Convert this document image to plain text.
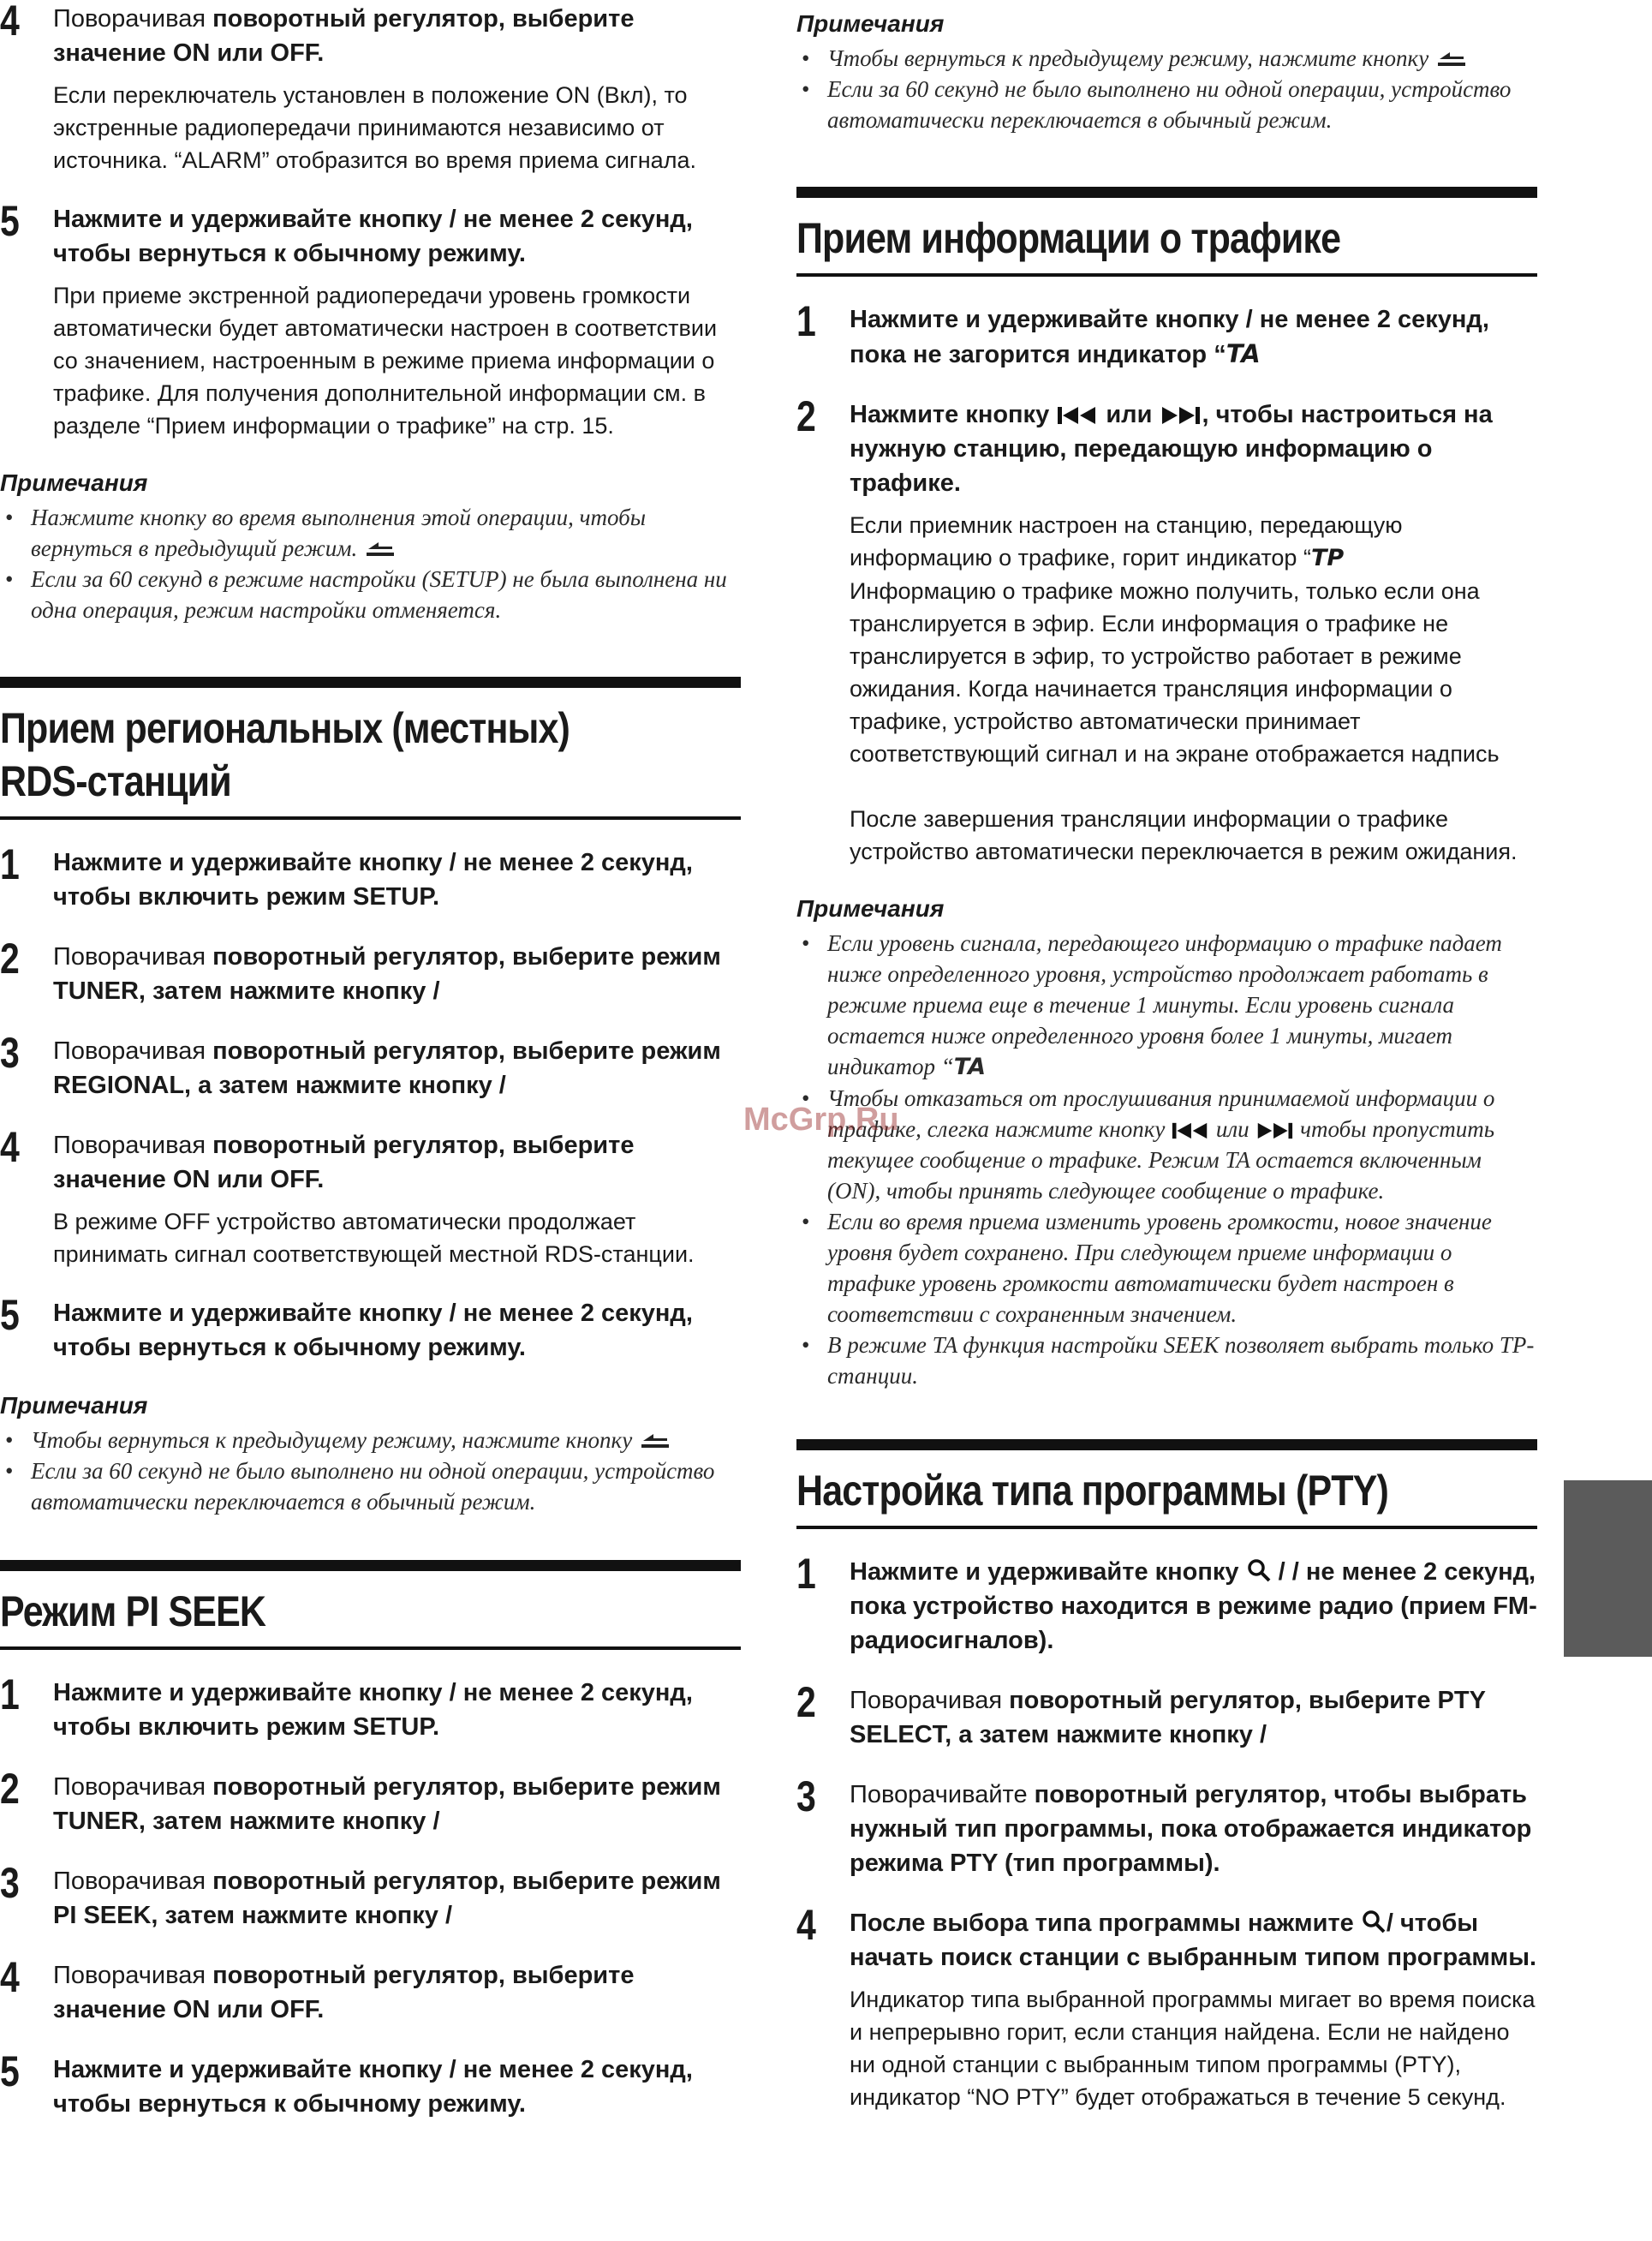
4	Поворачивая поворотный регулятор, выберите значение ON или OFF.

Если переключатель установлен в положение ON (Вкл), то экстренные радиопередачи принимаются независимо от источника. “ALARM” отобразится во время приема сигнала.

5	Нажмите и удерживайте кнопку / не менее 2 секунд, чтобы вернуться к обычному режиму.

При приеме экстренной радиопередачи уровень громкости автоматически будет автоматически настроен в соответствии со значением, настроенным в режиме приема информации о трафике. Для получения дополнительной информации см. в разделе “Прием информации о трафике” на стр. 15.

Примечания

• Нажмите кнопку во время выполнения этой операции, чтобы вернуться в предыдущий режим.
• Если за 60 секунд в режиме настройки (SETUP) не была выполнена ни одна операция, режим настройки отменяется.
Прием региональных (местных)
RDS-станций
1	Нажмите и удерживайте кнопку / не менее 2 секунд, чтобы включить режим SETUP.

2	Поворачивая поворотный регулятор, выберите режим TUNER, затем нажмите кнопку /

3	Поворачивая поворотный регулятор, выберите режим REGIONAL, а затем нажмите кнопку /

4	Поворачивая поворотный регулятор, выберите значение ON или OFF.

В режиме OFF устройство автоматически продолжает принимать сигнал соответствующей местной RDS-станции.

5	Нажмите и удерживайте кнопку / не менее 2 секунд, чтобы вернуться к обычному режиму.

Примечания

• Чтобы вернуться к предыдущему режиму, нажмите кнопку
• Если за 60 секунд не было выполнено ни одной операции, устройство автоматически переключается в обычный режим.
Режим PI SEEK
1	Нажмите и удерживайте кнопку / не менее 2 секунд, чтобы включить режим SETUP.

2	Поворачивая поворотный регулятор, выберите режим TUNER, затем нажмите кнопку /

3	Поворачивая поворотный регулятор, выберите режим PI SEEK, затем нажмите кнопку /

4	Поворачивая поворотный регулятор, выберите значение ON или OFF.

5	Нажмите и удерживайте кнопку / не менее 2 секунд, чтобы вернуться к обычному режиму.

Примечания

• Чтобы вернуться к предыдущему режиму, нажмите кнопку
• Если за 60 секунд не было выполнено ни одной операции, устройство автоматически переключается в обычный режим.
Прием информации о трафике
1	Нажмите и удерживайте кнопку / не менее 2 секунд, пока не загорится индикатор “TA

2	Нажмите кнопку  или , чтобы настроиться на нужную станцию, передающую информацию о трафике.

Если приемник настроен на станцию, передающую информацию о трафике, горит индикатор “TP
Информацию о трафике можно получить, только если она транслируется в эфир. Если информация о трафике не транслируется в эфир, то устройство работает в режиме ожидания. Когда начинается трансляция информации о трафике, устройство автоматически принимает соответствующий сигнал и на экране отображается надпись

После завершения трансляции информации о трафике устройство автоматически переключается в режим ожидания.

Примечания

• Если уровень сигнала, передающего информацию о трафике падает ниже определенного уровня, устройство продолжает работать в режиме приема еще в течение 1 минуты. Если уровень сигнала остается ниже определенного уровня более 1 минуты, мигает индикатор “TA
• Чтобы отказаться от прослушивания принимаемой информации о трафике, слегка нажмите кнопку  или  чтобы пропустить текущее сообщение о трафике. Режим TA остается включенным (ON), чтобы принять следующее сообщение о трафике.
• Если во время приема изменить уровень громкости, новое значение уровня будет сохранено. При следующем приеме информации о трафике уровень громкости автоматически будет настроен в соответствии с сохраненным значением.
• В режиме TA функция настройки SEEK позволяет выбрать только TP-станции.
Настройка типа программы (PTY)
1	Нажмите и удерживайте кнопку  / / не менее 2 секунд, пока устройство находится в режиме радио (прием FM-радиосигналов).

2	Поворачивая поворотный регулятор, выберите PTY SELECT, а затем нажмите кнопку /

3	Поворачивайте поворотный регулятор, чтобы выбрать нужный тип программы, пока отображается индикатор режима PTY (тип программы).

4	После выбора типа программы нажмите / чтобы начать поиск станции с выбранным типом программы.

Индикатор типа выбранной программы мигает во время поиска и непрерывно горит, если станция найдена. Если не найдено ни одной станции с выбранным типом программы (PTY), индикатор “NO PTY” будет отображаться в течение 5 секунд.

McGrp.Ru
